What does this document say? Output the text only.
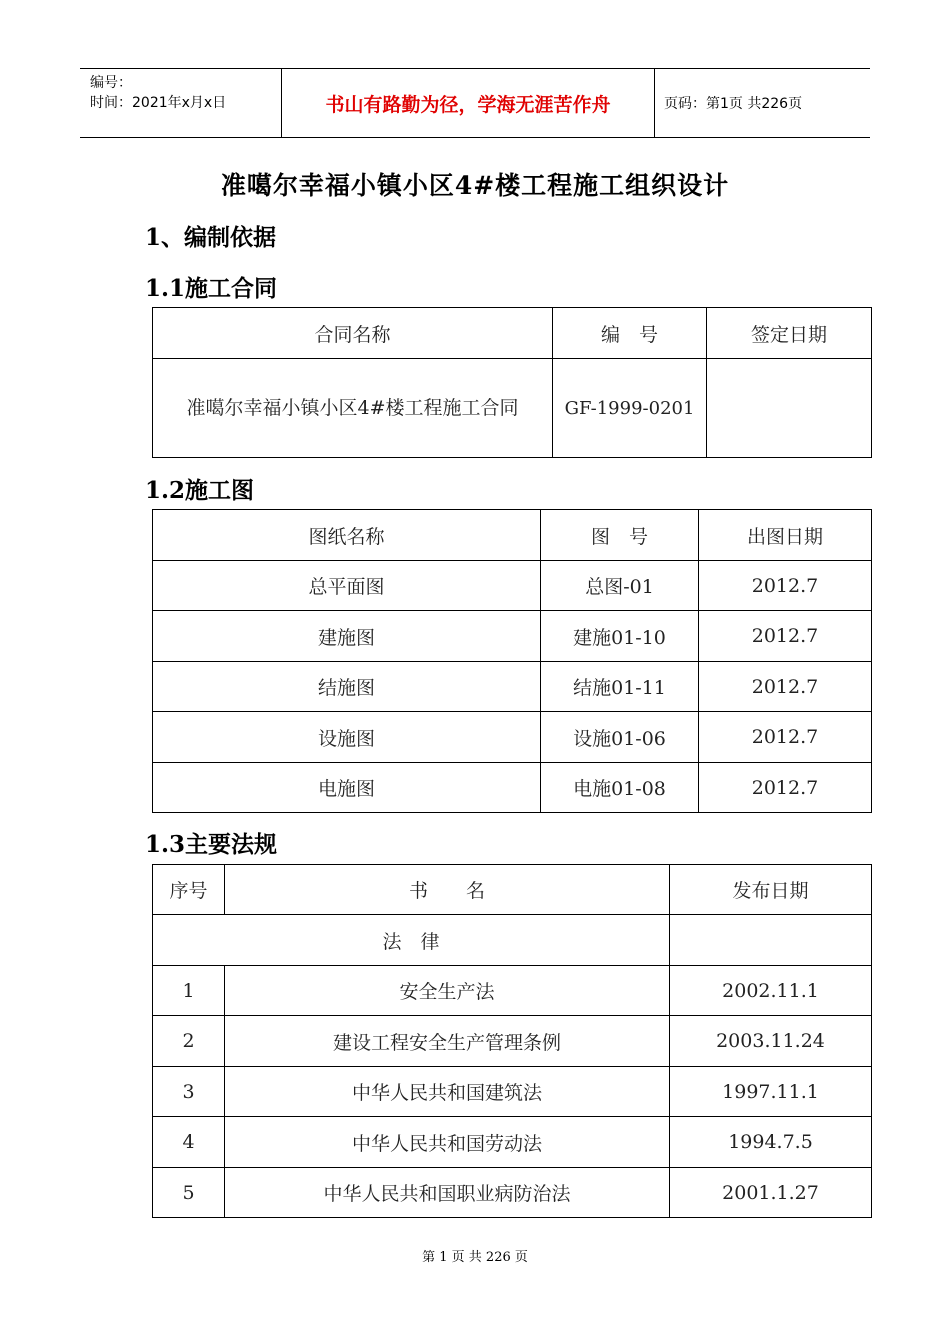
编号：
时间：2021年x月x日	书山有路勤为径，学海无涯苦作舟	页码：第1页 共226页
准噶尔幸福小镇小区4#楼工程施工组织设计
1、编制依据
1.1施工合同
合同名称	编　号	签定日期
准噶尔幸福小镇小区4#楼工程施工合同	GF-1999-0201	
1.2施工图
图纸名称	图　号	出图日期
总平面图	总图-01	2012.7
建施图	建施01-10	2012.7
结施图	结施01-11	2012.7
设施图	设施01-06	2012.7
电施图	电施01-08	2012.7
1.3主要法规
序号	书　　名	发布日期
法　律		
1	安全生产法	2002.11.1
2	建设工程安全生产管理条例	2003.11.24
3	中华人民共和国建筑法	1997.11.1
4	中华人民共和国劳动法	1994.7.5
5	中华人民共和国职业病防治法	2001.1.27
第 1 页 共 226 页
